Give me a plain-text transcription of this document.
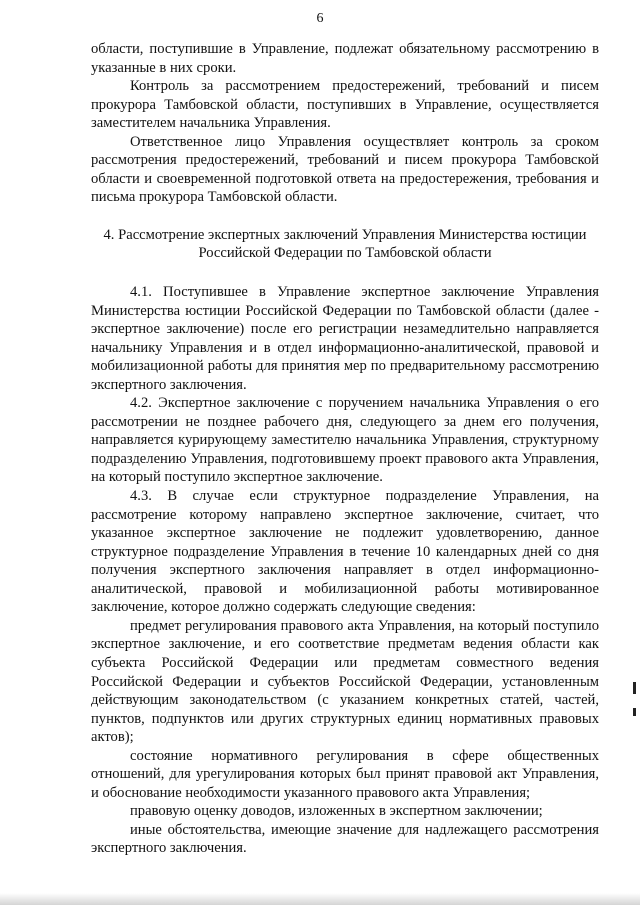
6

области, поступившие в Управление, подлежат обязательному рассмотрению в указанные в них сроки.

Контроль за рассмотрением предостережений, требований и писем прокурора Тамбовской области, поступивших в Управление, осуществляется заместителем начальника Управления.

Ответственное лицо Управления осуществляет контроль за сроком рассмотрения предостережений, требований и писем прокурора Тамбовской области и своевременной подготовкой ответа на предостережения, требования и письма прокурора Тамбовской области.

4. Рассмотрение экспертных заключений Управления Министерства юстиции Российской Федерации по Тамбовской области

4.1. Поступившее в Управление экспертное заключение Управления Министерства юстиции Российской Федерации по Тамбовской области (далее - экспертное заключение) после его регистрации незамедлительно направляется начальнику Управления и в отдел информационно-аналитической, правовой и мобилизационной работы для принятия мер по предварительному рассмотрению экспертного заключения.

4.2. Экспертное заключение с поручением начальника Управления о его рассмотрении не позднее рабочего дня, следующего за днем его получения, направляется курирующему заместителю начальника Управления, структурному подразделению Управления, подготовившему проект правового акта Управления, на который поступило экспертное заключение.

4.3. В случае если структурное подразделение Управления, на рассмотрение которому направлено экспертное заключение, считает, что указанное экспертное заключение не подлежит удовлетворению, данное структурное подразделение Управления в течение 10 календарных дней со дня получения экспертного заключения направляет в отдел информационно-аналитической, правовой и мобилизационной работы мотивированное заключение, которое должно содержать следующие сведения:

предмет регулирования правового акта Управления, на который поступило экспертное заключение, и его соответствие предметам ведения области как субъекта Российской Федерации или предметам совместного ведения Российской Федерации и субъектов Российской Федерации, установленным действующим законодательством (с указанием конкретных статей, частей, пунктов, подпунктов или других структурных единиц нормативных правовых актов);

состояние нормативного регулирования в сфере общественных отношений, для урегулирования которых был принят правовой акт Управления, и обоснование необходимости указанного правового акта Управления;

правовую оценку доводов, изложенных в экспертном заключении;

иные обстоятельства, имеющие значение для надлежащего рассмотрения экспертного заключения.
